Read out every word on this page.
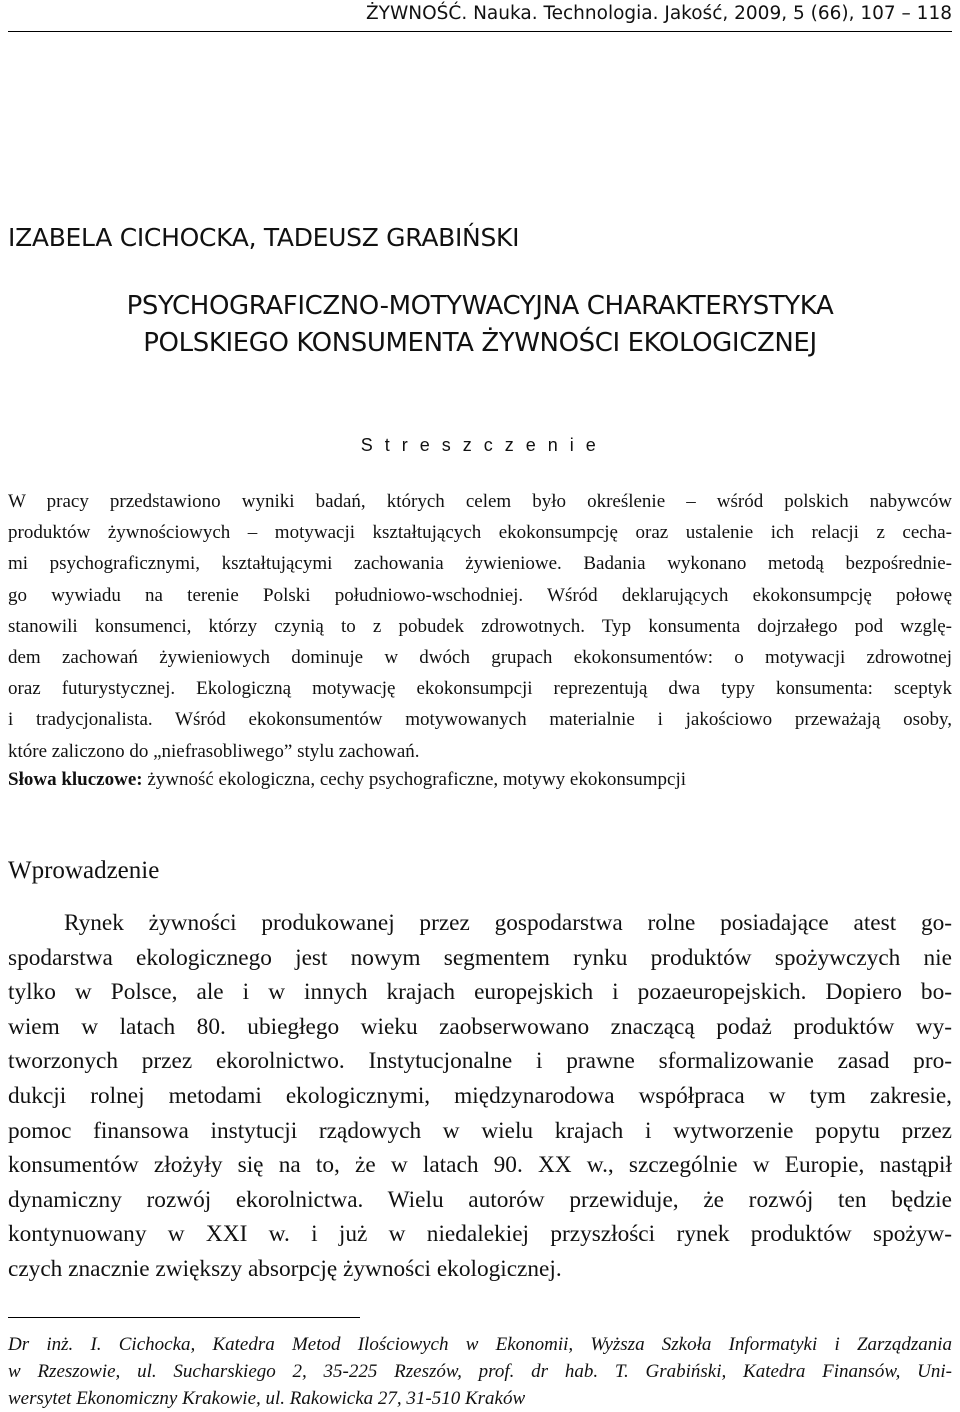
ŻYWNOŚĆ. Nauka. Technologia. Jakość, 2009, 5 (66), 107 – 118
IZABELA CICHOCKA, TADEUSZ GRABIŃSKI
PSYCHOGRAFICZNO-MOTYWACYJNA CHARAKTERYSTYKA
POLSKIEGO KONSUMENTA ŻYWNOŚCI EKOLOGICZNEJ
S t r e s z c z e n i e
W pracy przedstawiono wyniki badań, których celem było określenie – wśród polskich nabywców
produktów żywnościowych – motywacji kształtujących ekokonsumpcję oraz ustalenie ich relacji z cecha-
mi psychograficznymi, kształtującymi zachowania żywieniowe. Badania wykonano metodą bezpośrednie-
go wywiadu na terenie Polski południowo-wschodniej. Wśród deklarujących ekokonsumpcję połowę
stanowili konsumenci, którzy czynią to z pobudek zdrowotnych. Typ konsumenta dojrzałego pod wzglę-
dem zachowań żywieniowych dominuje w dwóch grupach ekokonsumentów: o motywacji zdrowotnej
oraz futurystycznej. Ekologiczną motywację ekokonsumpcji reprezentują dwa typy konsumenta: sceptyk
i tradycjonalista. Wśród ekokonsumentów motywowanych materialnie i jakościowo przeważają osoby,
które zaliczono do „niefrasobliwego” stylu zachowań.
Słowa kluczowe: żywność ekologiczna, cechy psychograficzne, motywy ekokonsumpcji
Wprowadzenie
Rynek żywności produkowanej przez gospodarstwa rolne posiadające atest go-
spodarstwa ekologicznego jest nowym segmentem rynku produktów spożywczych nie
tylko w Polsce, ale i w innych krajach europejskich i pozaeuropejskich. Dopiero bo-
wiem w latach 80. ubiegłego wieku zaobserwowano znaczącą podaż produktów wy-
tworzonych przez ekorolnictwo. Instytucjonalne i prawne sformalizowanie zasad pro-
dukcji rolnej metodami ekologicznymi, międzynarodowa współpraca w tym zakresie,
pomoc finansowa instytucji rządowych w wielu krajach i wytworzenie popytu przez
konsumentów złożyły się na to, że w latach 90. XX w., szczególnie w Europie, nastąpił
dynamiczny rozwój ekorolnictwa. Wielu autorów przewiduje, że rozwój ten będzie
kontynuowany w XXI w. i już w niedalekiej przyszłości rynek produktów spożyw-
czych znacznie zwiększy absorpcję żywności ekologicznej.
Dr inż. I. Cichocka, Katedra Metod Ilościowych w Ekonomii, Wyższa Szkoła Informatyki i Zarządzania
w Rzeszowie, ul. Sucharskiego 2, 35-225 Rzeszów, prof. dr hab. T. Grabiński, Katedra Finansów, Uni-
wersytet Ekonomiczny Krakowie, ul. Rakowicka 27, 31-510 Kraków
